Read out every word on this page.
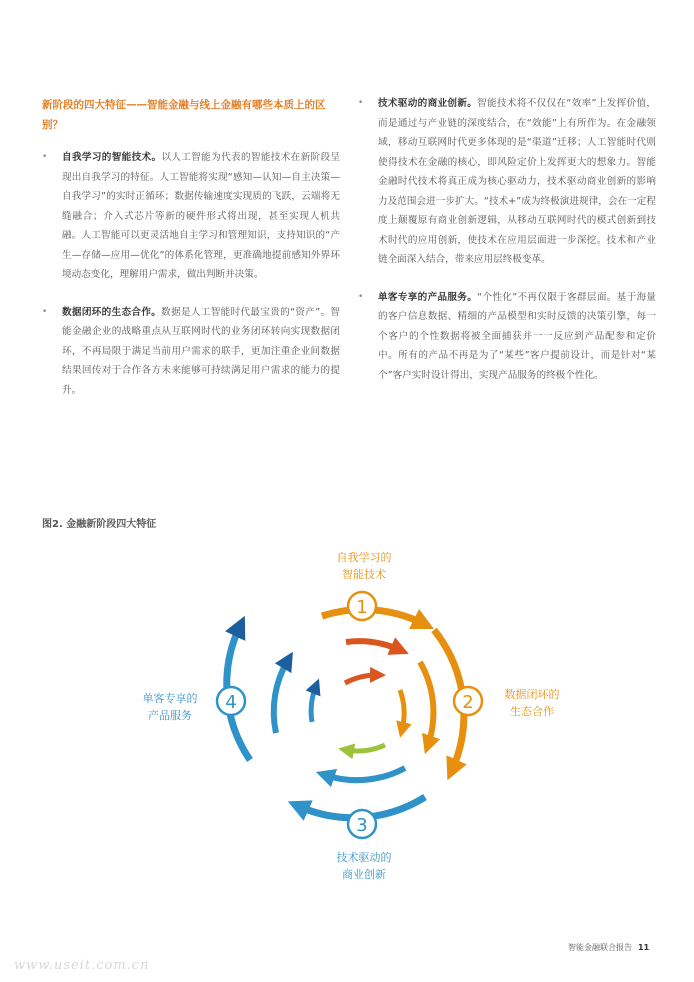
新阶段的四大特征——智能金融与线上金融有哪些本质上的区别？
• 自我学习的智能技术。以人工智能为代表的智能技术在新阶段呈现出自我学习的特征。人工智能将实现“感知—认知—自主决策—自我学习”的实时正循环；数据传输速度实现质的飞跃，云端将无缝融合；介入式芯片等新的硬件形式将出现，甚至实现人机共融。人工智能可以更灵活地自主学习和管理知识，支持知识的“产生—存储—应用—优化”的体系化管理，更准确地提前感知外界环境动态变化，理解用户需求，做出判断并决策。
• 数据闭环的生态合作。数据是人工智能时代最宝贵的“资产”。智能金融企业的战略重点从互联网时代的业务闭环转向实现数据闭环，不再局限于满足当前用户需求的联手，更加注重企业间数据结果回传对于合作各方未来能够可持续满足用户需求的能力的提升。
• 技术驱动的商业创新。智能技术将不仅仅在“效率”上发挥价值，而是通过与产业链的深度结合，在“效能”上有所作为。在金融领域，移动互联网时代更多体现的是“渠道”迁移；人工智能时代则使得技术在金融的核心，即风险定价上发挥更大的想象力。智能金融时代技术将真正成为核心驱动力，技术驱动商业创新的影响力及范围会进一步扩大。“技术+”成为终极演进规律，会在一定程度上颠覆原有商业创新逻辑，从移动互联网时代的模式创新到技术时代的应用创新，使技术在应用层面进一步深挖。技术和产业链全面深入结合，带来应用层终极变革。
• 单客专享的产品服务。“个性化”不再仅限于客群层面。基于海量的客户信息数据、精细的产品模型和实时反馈的决策引擎，每一个客户的个性数据将被全面捕获并一一反应到产品配参和定价中。所有的产品不再是为了“某些”客户提前设计，而是针对“某个”客户实时设计得出，实现产品服务的终极个性化。
图2. 金融新阶段四大特征
1
2
3
4
自我学习的
智能技术
数据闭环的
生态合作
技术驱动的
商业创新
单客专享的
产品服务
智能金融联合报告 11
www.useit.com.cn
